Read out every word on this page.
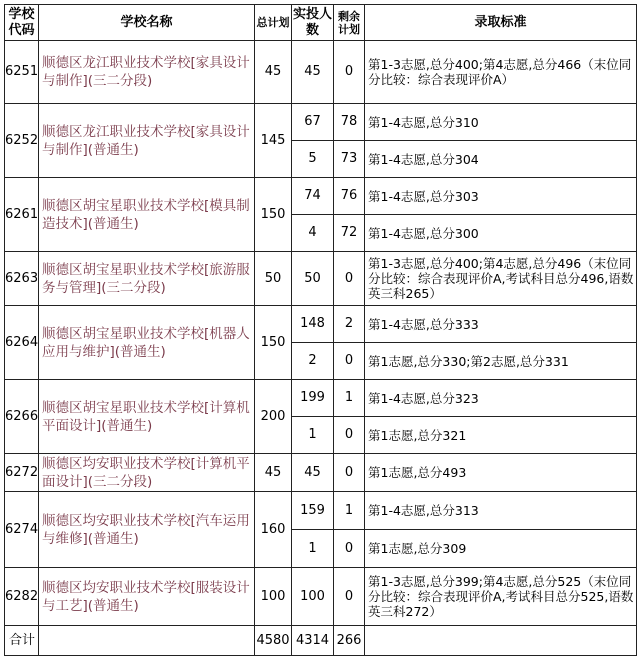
学校代码	学校名称	总计划	实投人数	剩余计划	录取标准
6251	顺德区龙江职业技术学校[家具设计与制作](三二分段)	45	45	0	第1-3志愿,总分400;第4志愿,总分466（末位同分比较：综合表现评价A）
6252	顺德区龙江职业技术学校[家具设计与制作](普通生)	145	67	78	第1-4志愿,总分310
			5	73	第1-4志愿,总分304
6261	顺德区胡宝星职业技术学校[模具制造技术](普通生)	150	74	76	第1-4志愿,总分303
			4	72	第1-4志愿,总分300
6263	顺德区胡宝星职业技术学校[旅游服务与管理](三二分段)	50	50	0	第1-3志愿,总分400;第4志愿,总分496（末位同分比较：综合表现评价A,考试科目总分496,语数英三科265）
6264	顺德区胡宝星职业技术学校[机器人应用与维护](普通生)	150	148	2	第1-4志愿,总分333
			2	0	第1志愿,总分330;第2志愿,总分331
6266	顺德区胡宝星职业技术学校[计算机平面设计](普通生)	200	199	1	第1-4志愿,总分323
			1	0	第1志愿,总分321
6272	顺德区均安职业技术学校[计算机平面设计](三二分段)	45	45	0	第1志愿,总分493
6274	顺德区均安职业技术学校[汽车运用与维修](普通生)	160	159	1	第1-4志愿,总分313
			1	0	第1志愿,总分309
6282	顺德区均安职业技术学校[服装设计与工艺](普通生)	100	100	0	第1-3志愿,总分399;第4志愿,总分525（末位同分比较：综合表现评价A,考试科目总分525,语数英三科272）
合计		4580	4314	266	
